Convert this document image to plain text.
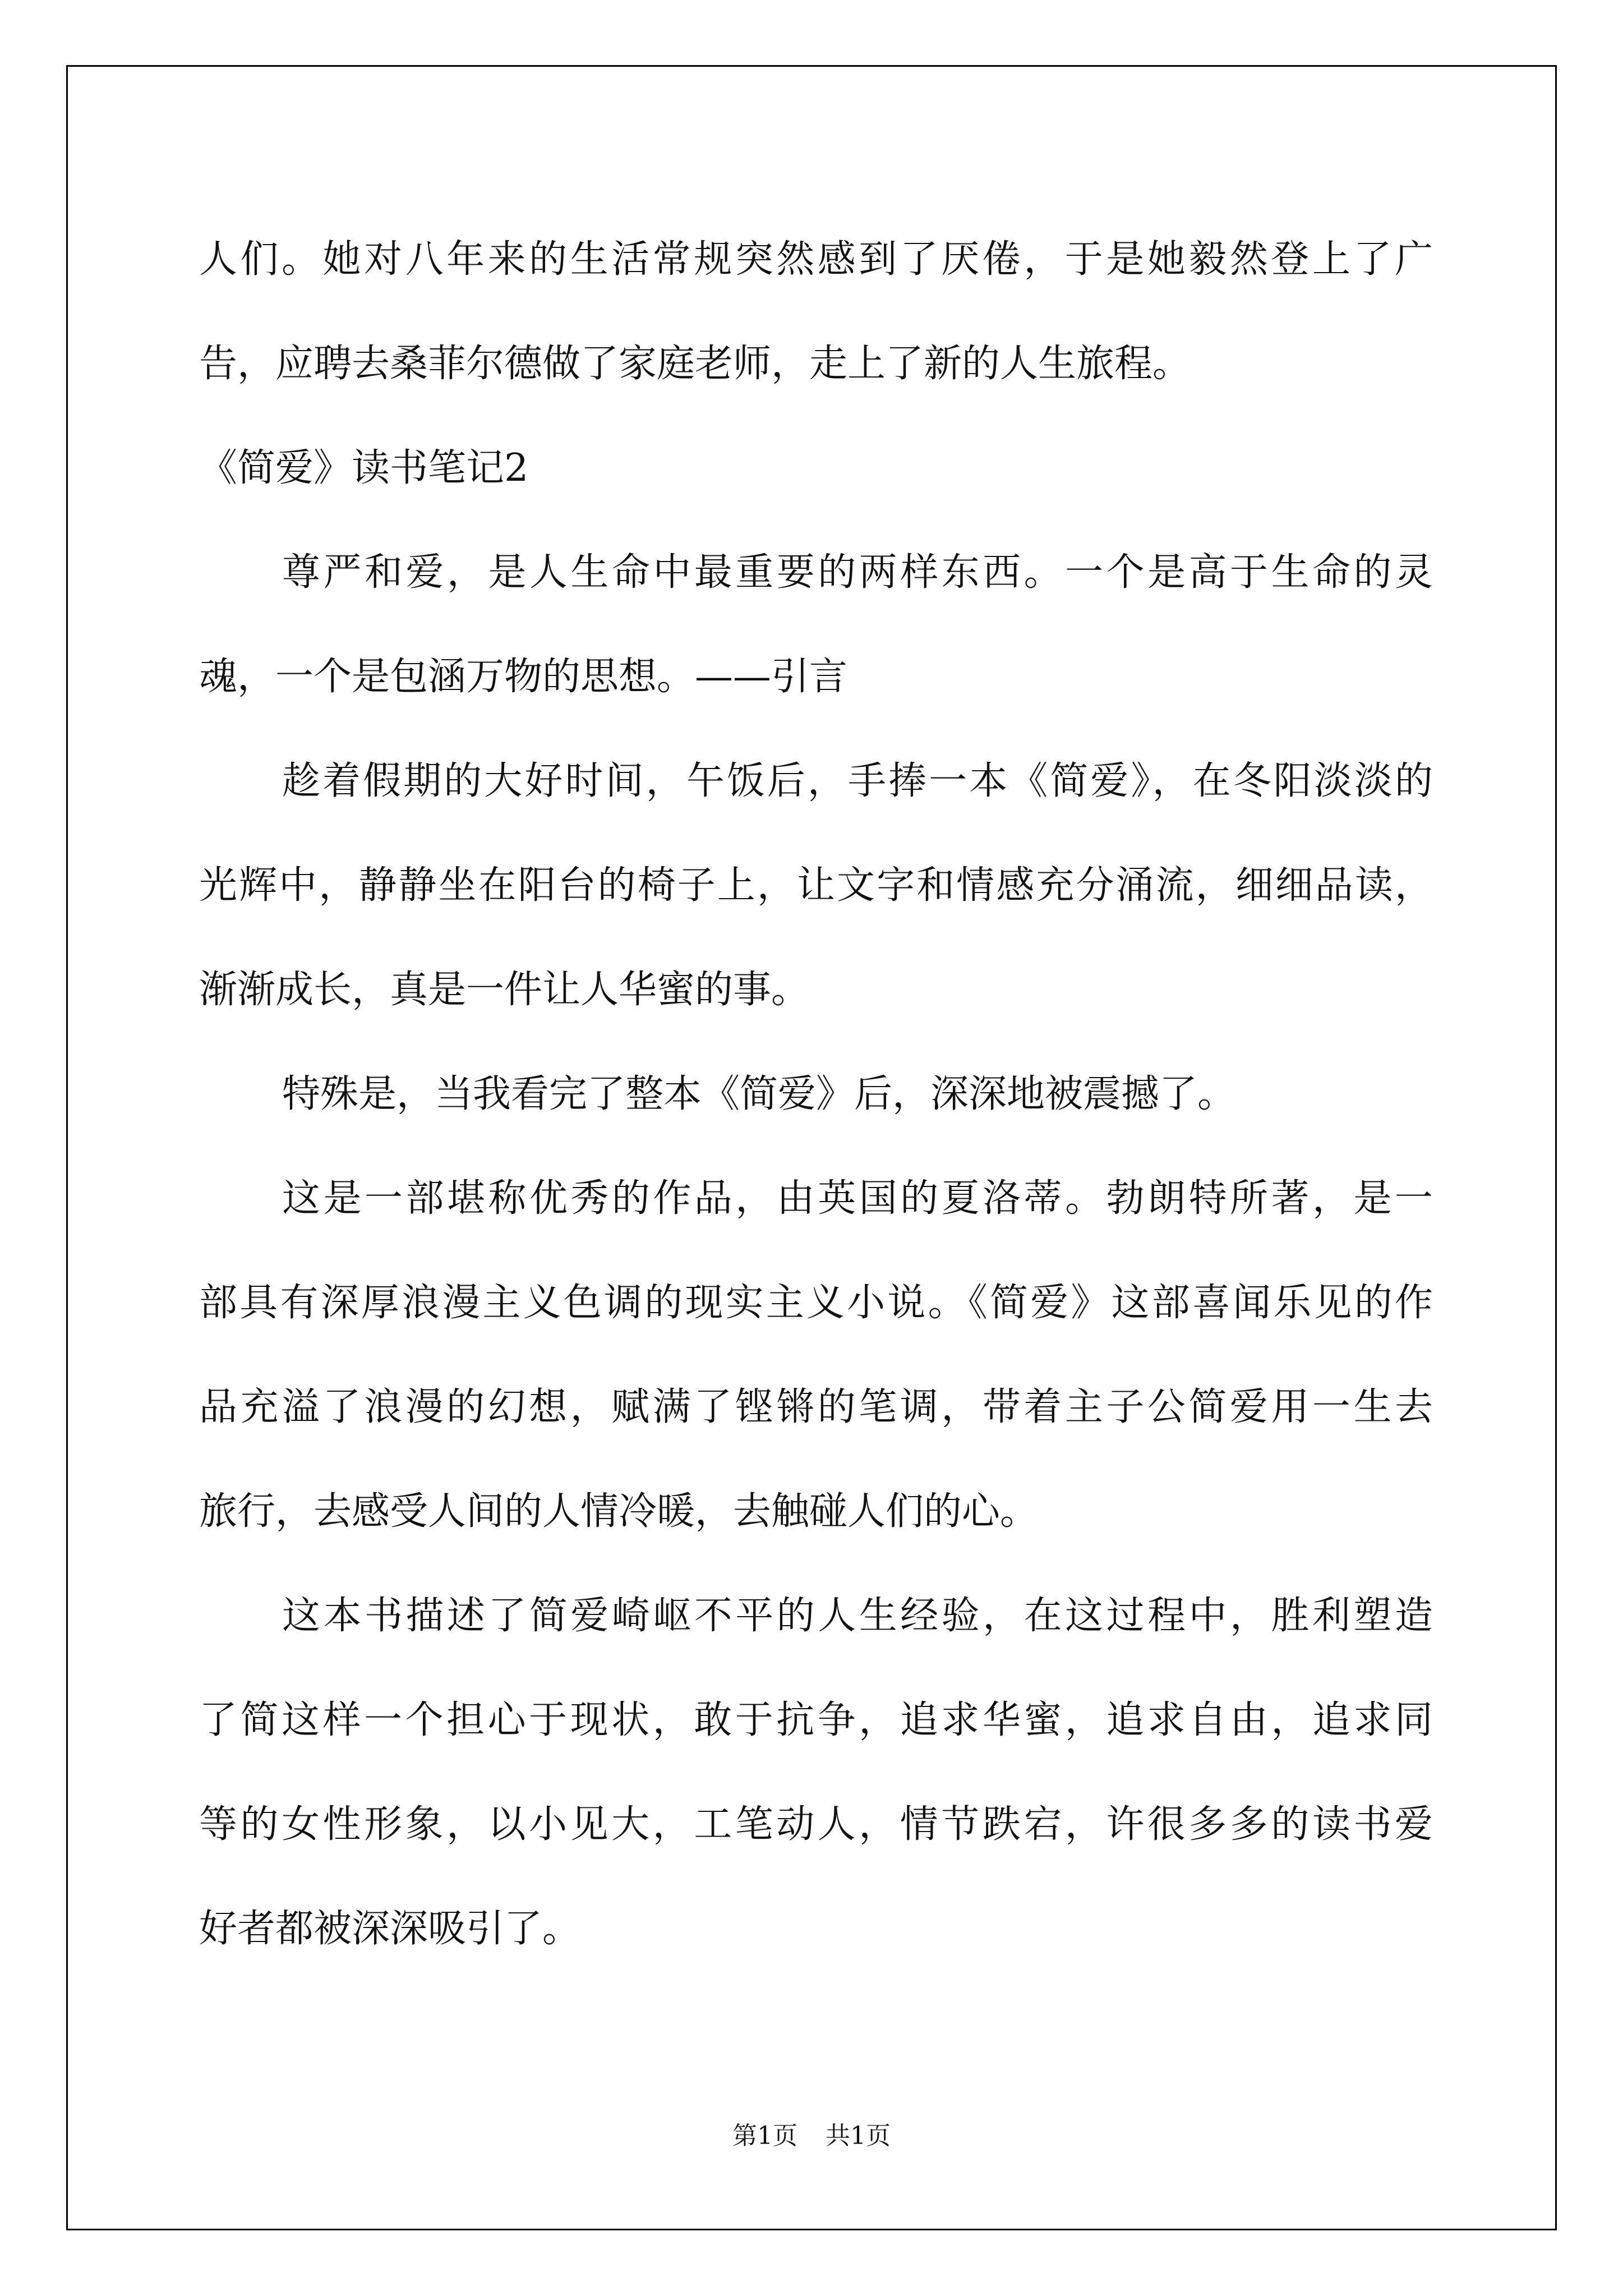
人们。她对八年来的生活常规突然感到了厌倦，于是她毅然登上了广
告，应聘去桑菲尔德做了家庭老师，走上了新的人生旅程。
《简爱》读书笔记2
尊严和爱，是人生命中最重要的两样东西。一个是高于生命的灵
魂，一个是包涵万物的思想。——引言
趁着假期的大好时间，午饭后，手捧一本《简爱》，在冬阳淡淡的
光辉中，静静坐在阳台的椅子上，让文字和情感充分涌流，细细品读，
渐渐成长，真是一件让人华蜜的事。
特殊是，当我看完了整本《简爱》后，深深地被震撼了。
这是一部堪称优秀的作品，由英国的夏洛蒂。勃朗特所著，是一
部具有深厚浪漫主义色调的现实主义小说。《简爱》这部喜闻乐见的作
品充溢了浪漫的幻想，赋满了铿锵的笔调，带着主子公简爱用一生去
旅行，去感受人间的人情冷暖，去触碰人们的心。
这本书描述了简爱崎岖不平的人生经验，在这过程中，胜利塑造
了简这样一个担心于现状，敢于抗争，追求华蜜，追求自由，追求同
等的女性形象，以小见大，工笔动人，情节跌宕，许很多多的读书爱
好者都被深深吸引了。
第1页 共1页
